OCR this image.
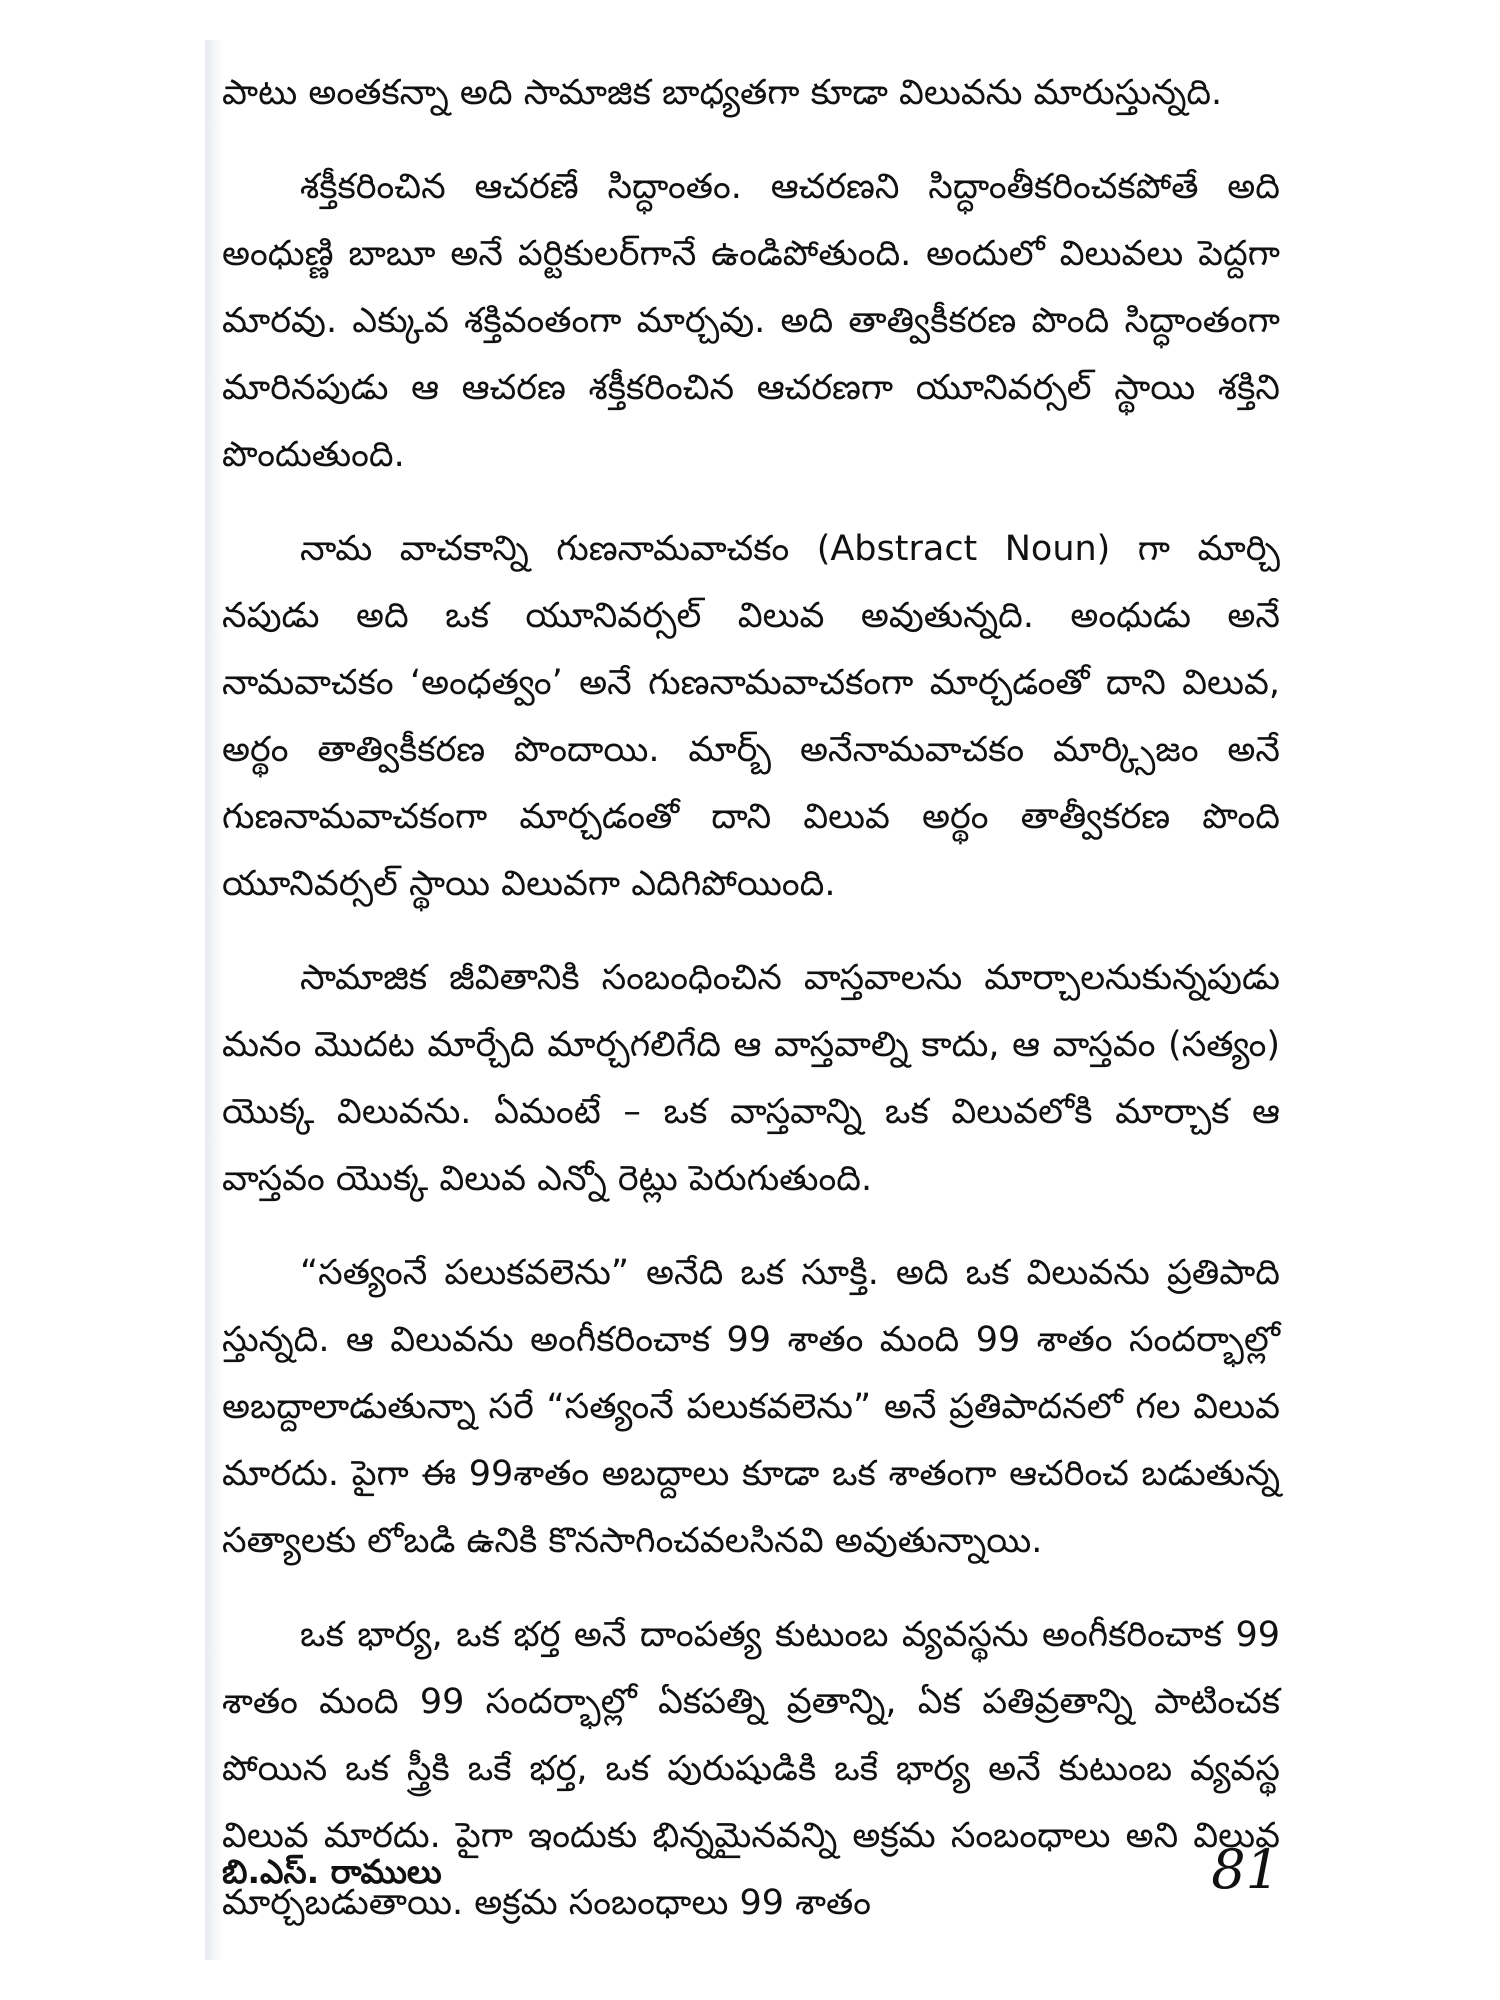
పాటు అంతకన్నా అది సామాజిక బాధ్యతగా కూడా విలువను మారుస్తున్నది.

శక్తీకరించిన ఆచరణే సిద్ధాంతం. ఆచరణని సిద్ధాంతీకరించకపోతే అది అంధుణ్ణి బాబూ అనే పర్టికులర్‌గానే ఉండిపోతుంది. అందులో విలువలు పెద్దగా మారవు. ఎక్కువ శక్తివంతంగా మార్చవు. అది తాత్వికీకరణ పొంది సిద్ధాంతంగా మారినపుడు ఆ ఆచరణ శక్తీకరించిన ఆచరణగా యూనివర్సల్ స్థాయి శక్తిని పొందుతుంది.

నామ వాచకాన్ని గుణనామవాచకం (Abstract Noun) గా మార్చి నపుడు అది ఒక యూనివర్సల్ విలువ అవుతున్నది. అంధుడు అనే నామవాచకం ‘అంధత్వం’ అనే గుణనామవాచకంగా మార్చడంతో దాని విలువ, అర్థం తాత్వికీకరణ పొందాయి. మార్బ్ అనేనామవాచకం మార్క్సిజం అనే గుణనామవాచకంగా మార్చడంతో దాని విలువ అర్థం తాత్వీకరణ పొంది యూనివర్సల్ స్థాయి విలువగా ఎదిగిపోయింది.

సామాజిక జీవితానికి సంబంధించిన వాస్తవాలను మార్చాలనుకున్నపుడు మనం మొదట మార్చేది మార్చగలిగేది ఆ వాస్తవాల్ని కాదు, ఆ వాస్తవం (సత్యం) యొక్క విలువను. ఏమంటే – ఒక వాస్తవాన్ని ఒక విలువలోకి మార్చాక ఆ వాస్తవం యొక్క విలువ ఎన్నో రెట్లు పెరుగుతుంది.

“సత్యంనే పలుకవలెను” అనేది ఒక సూక్తి. అది ఒక విలువను ప్రతిపాది స్తున్నది. ఆ విలువను అంగీకరించాక 99 శాతం మంది 99 శాతం సందర్భాల్లో అబద్దాలాడుతున్నా సరే “సత్యంనే పలుకవలెను” అనే ప్రతిపాదనలో గల విలువ మారదు. పైగా ఈ 99శాతం అబద్దాలు కూడా ఒక శాతంగా ఆచరించ బడుతున్న సత్యాలకు లోబడి ఉనికి కొనసాగించవలసినవి అవుతున్నాయి.

ఒక భార్య, ఒక భర్త అనే దాంపత్య కుటుంబ వ్యవస్థను అంగీకరించాక 99 శాతం మంది 99 సందర్భాల్లో ఏకపత్ని వ్రతాన్ని, ఏక పతివ్రతాన్ని పాటించక పోయిన ఒక స్త్రీకి ఒకే భర్త, ఒక పురుషుడికి ఒకే భార్య అనే కుటుంబ వ్యవస్థ విలువ మారదు. పైగా ఇందుకు భిన్నమైనవన్ని అక్రమ సంబంధాలు అని విలువ మార్చబడుతాయి. అక్రమ సంబంధాలు 99 శాతం

బి.ఎస్. రాములు	81
